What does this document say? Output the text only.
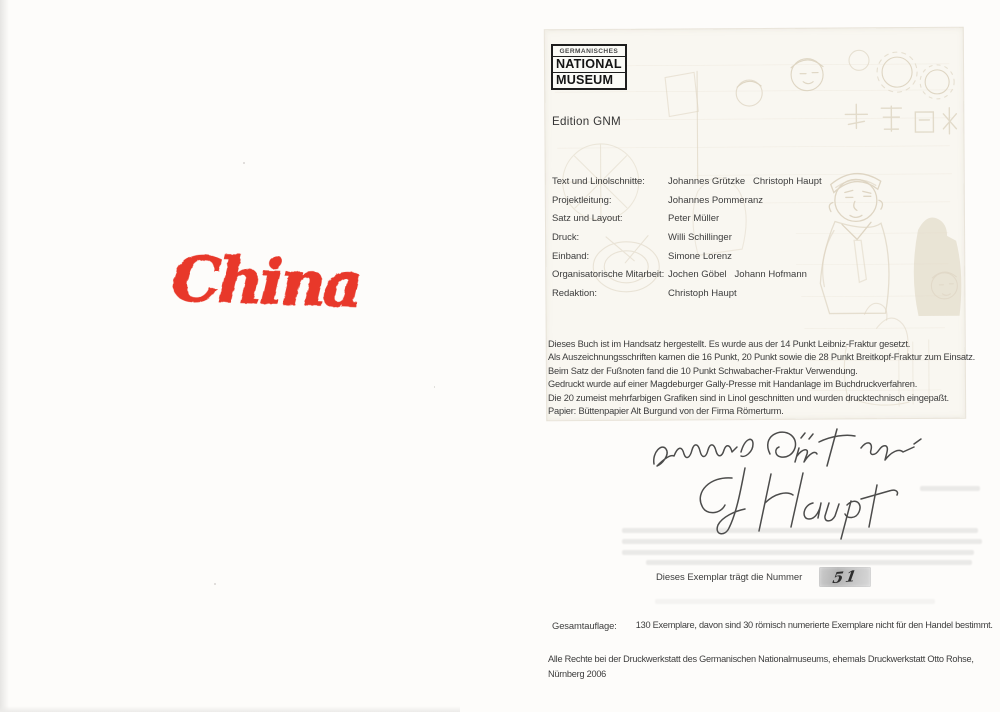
China
GERMANISCHES
NATIONAL
MUSEUM
Edition GNM
Text und Linolschnitte:	Johannes Grützke   Christoph Haupt
Projektleitung:	Johannes Pommeranz
Satz und Layout:	Peter Müller
Druck:	Willi Schillinger
Einband:	Simone Lorenz
Organisatorische Mitarbeit: Jochen Göbel   Johann Hofmann
Redaktion:	Christoph Haupt
Dieses Buch ist im Handsatz hergestellt. Es wurde aus der 14 Punkt Leibniz-Fraktur gesetzt.
Als Auszeichnungsschriften kamen die 16 Punkt, 20 Punkt sowie die 28 Punkt Breitkopf-Fraktur zum Einsatz.
Beim Satz der Fußnoten fand die 10 Punkt Schwabacher-Fraktur Verwendung.
Gedruckt wurde auf einer Magdeburger Gally-Presse mit Handanlage im Buchdruckverfahren.
Die 20 zumeist mehrfarbigen Grafiken sind in Linol geschnitten und wurden drucktechnisch eingepaßt.
Papier: Büttenpapier Alt Burgund von der Firma Römerturm.
Dieses Exemplar trägt die Nummer 51
Gesamtauflage: 130 Exemplare, davon sind 30 römisch numerierte Exemplare nicht für den Handel bestimmt.
Alle Rechte bei der Druckwerkstatt des Germanischen Nationalmuseums, ehemals Druckwerkstatt Otto Rohse,
Nürnberg 2006
